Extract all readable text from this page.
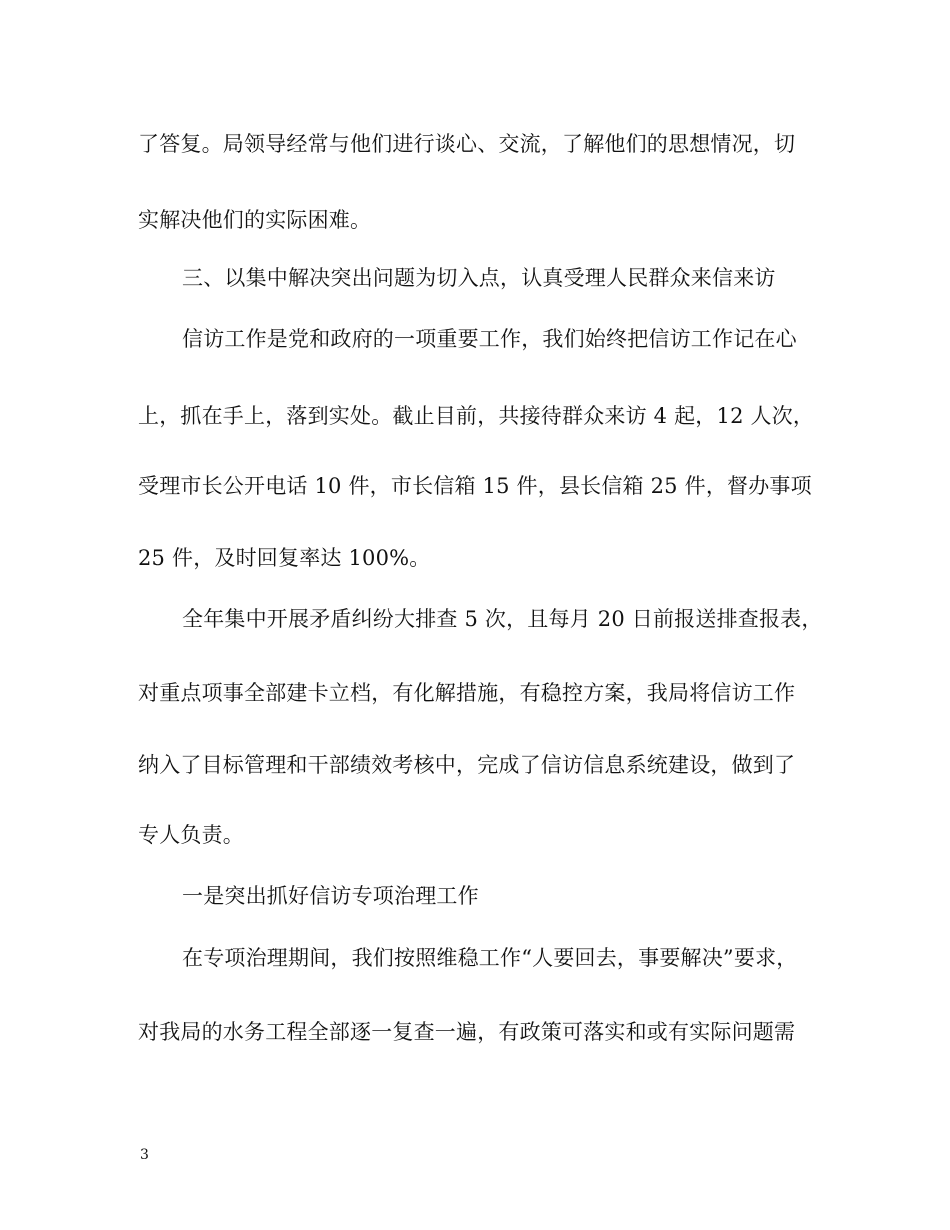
了答复。局领导经常与他们进行谈心、交流，了解他们的思想情况，切
实解决他们的实际困难。
三、以集中解决突出问题为切入点，认真受理人民群众来信来访
信访工作是党和政府的一项重要工作，我们始终把信访工作记在心
上，抓在手上，落到实处。截止目前，共接待群众来访 4 起，12 人次，
受理市长公开电话 10 件，市长信箱 15 件，县长信箱 25 件，督办事项
25 件，及时回复率达 100%。
全年集中开展矛盾纠纷大排查 5 次，且每月 20 日前报送排查报表，
对重点项事全部建卡立档，有化解措施，有稳控方案，我局将信访工作
纳入了目标管理和干部绩效考核中，完成了信访信息系统建设，做到了
专人负责。
一是突出抓好信访专项治理工作
在专项治理期间，我们按照维稳工作“人要回去，事要解决”要求，
对我局的水务工程全部逐一复查一遍，有政策可落实和或有实际问题需
3
